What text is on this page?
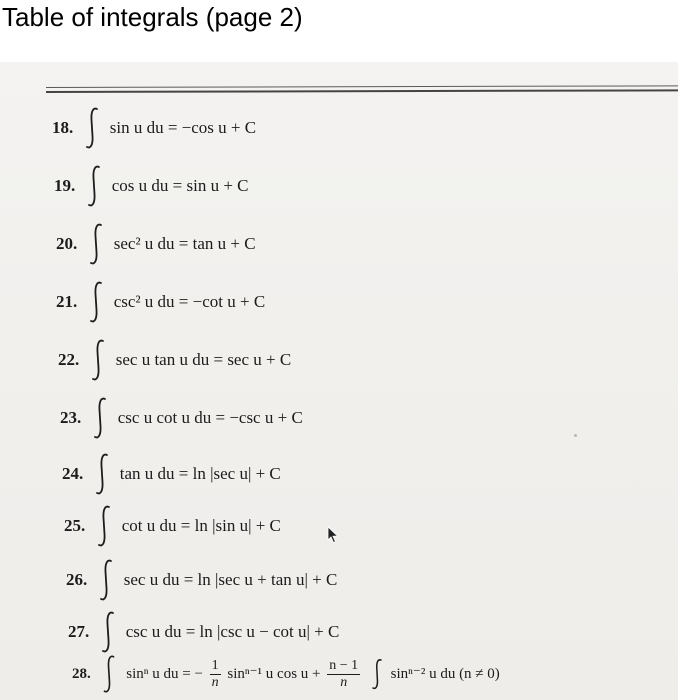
Table of integrals (page 2)
18. sin u du = −cos u + C
19. cos u du = sin u + C
20. sec² u du = tan u + C
21. csc² u du = −cot u + C
22. sec u tan u du = sec u + C
23. csc u cot u du = −csc u + C
24. tan u du = ln |sec u| + C
25. cot u du = ln |sin u| + C
26. sec u du = ln |sec u + tan u| + C
27. csc u du = ln |csc u − cot u| + C
28. sinⁿ u du = − $\frac{1}{n} \sin^{n-1}$ u $\cos u + \frac{n - 1}{n}$
sinⁿ⁻² u du (n ≠ 0)
